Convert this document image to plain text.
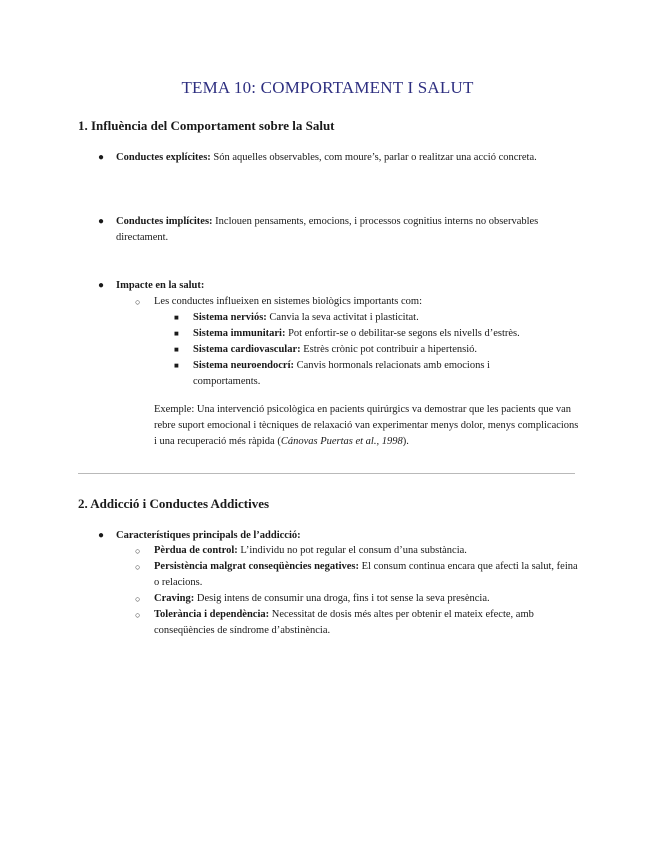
TEMA 10: COMPORTAMENT I SALUT
1. Influència del Comportament sobre la Salut
● Conductes explícites: Són aquelles observables, com moure’s, parlar o realitzar una acció concreta.
● Conductes implícites: Inclouen pensaments, emocions, i processos cognitius interns no observables directament.
● Impacte en la salut:
○ Les conductes influeixen en sistemes biològics importants com:
■ Sistema nerviós: Canvia la seva activitat i plasticitat.
■ Sistema immunitari: Pot enfortir-se o debilitar-se segons els nivells d’estrès.
■ Sistema cardiovascular: Estrès crònic pot contribuir a hipertensió.
■ Sistema neuroendocrí: Canvis hormonals relacionats amb emocions i comportaments.
Exemple: Una intervenció psicològica en pacients quirúrgics va demostrar que les pacients que van rebre suport emocional i tècniques de relaxació van experimentar menys dolor, menys complicacions i una recuperació més ràpida (Cánovas Puertas et al., 1998).
2. Addicció i Conductes Addictives
● Característiques principals de l’addicció:
○ Pèrdua de control: L’individu no pot regular el consum d’una substància.
○ Persistència malgrat conseqüències negatives: El consum continua encara que afecti la salut, feina o relacions.
○ Craving: Desig intens de consumir una droga, fins i tot sense la seva presència.
○ Tolerància i dependència: Necessitat de dosis més altes per obtenir el mateix efecte, amb conseqüències de síndrome d’abstinència.
